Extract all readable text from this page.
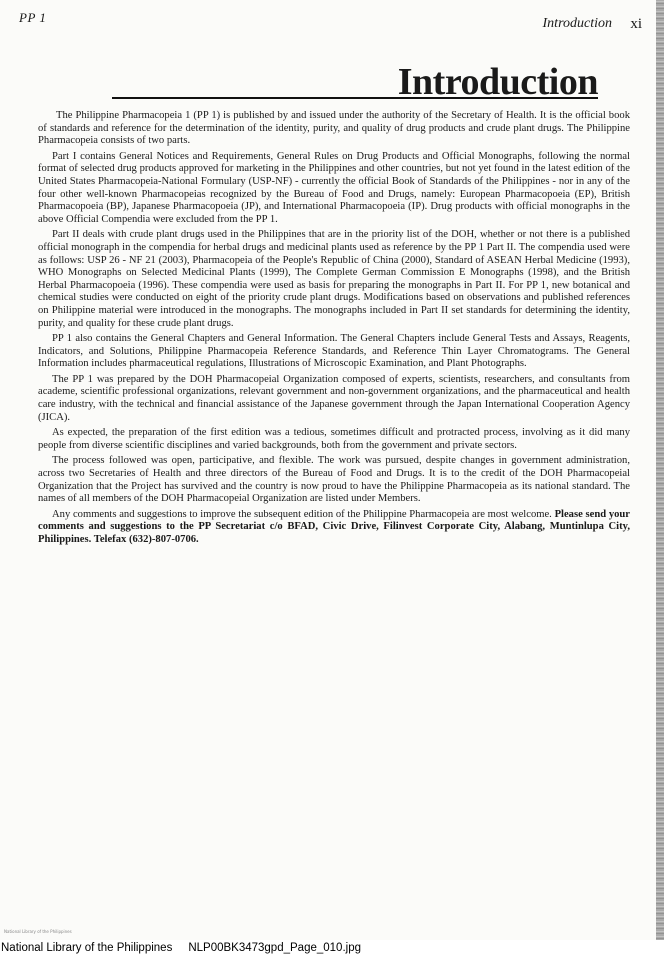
PP 1	Introduction xi
Introduction

The Philippine Pharmacopeia 1 (PP 1) is published by and issued under the authority of the Secretary of Health. It is the official book of standards and reference for the determination of the identity, purity, and quality of drug products and crude plant drugs. The Philippine Pharmacopeia consists of two parts.

Part I contains General Notices and Requirements, General Rules on Drug Products and Official Monographs, following the normal format of selected drug products approved for marketing in the Philippines and other countries, but not yet found in the latest edition of the United States Pharmacopeia-National Formulary (USP-NF) - currently the official Book of Standards of the Philippines - nor in any of the four other well-known Pharmacopeias recognized by the Bureau of Food and Drugs, namely: European Pharmacopoeia (EP), British Pharmacopoeia (BP), Japanese Pharmacopoeia (JP), and International Pharmacopoeia (IP). Drug products with official monographs in the above Official Compendia were excluded from the PP 1.

Part II deals with crude plant drugs used in the Philippines that are in the priority list of the DOH, whether or not there is a published official monograph in the compendia for herbal drugs and medicinal plants used as reference by the PP 1 Part II. The compendia used were as follows: USP 26 - NF 21 (2003), Pharmacopeia of the People's Republic of China (2000), Standard of ASEAN Herbal Medicine (1993), WHO Monographs on Selected Medicinal Plants (1999), The Complete German Commission E Monographs (1998), and the British Herbal Pharmacopoeia (1996). These compendia were used as basis for preparing the monographs in Part II. For PP 1, new botanical and chemical studies were conducted on eight of the priority crude plant drugs. Modifications based on observations and published references on Philippine material were introduced in the monographs. The monographs included in Part II set standards for determining the identity, purity, and quality for these crude plant drugs.

PP 1 also contains the General Chapters and General Information. The General Chapters include General Tests and Assays, Reagents, Indicators, and Solutions, Philippine Pharmacopeia Reference Standards, and Reference Thin Layer Chromatograms. The General Information includes pharmaceutical regulations, Illustrations of Microscopic Examination, and Plant Photographs.

The PP 1 was prepared by the DOH Pharmacopeial Organization composed of experts, scientists, researchers, and consultants from academe, scientific professional organizations, relevant government and non-government organizations, and the pharmaceutical and health care industry, with the technical and financial assistance of the Japanese government through the Japan International Cooperation Agency (JICA).

As expected, the preparation of the first edition was a tedious, sometimes difficult and protracted process, involving as it did many people from diverse scientific disciplines and varied backgrounds, both from the government and private sectors.

The process followed was open, participative, and flexible. The work was pursued, despite changes in government administration, across two Secretaries of Health and three directors of the Bureau of Food and Drugs. It is to the credit of the DOH Pharmacopeial Organization that the Project has survived and the country is now proud to have the Philippine Pharmacopeia as its national standard. The names of all members of the DOH Pharmacopeial Organization are listed under Members.

Any comments and suggestions to improve the subsequent edition of the Philippine Pharmacopeia are most welcome. Please send your comments and suggestions to the PP Secretariat c/o BFAD, Civic Drive, Filinvest Corporate City, Alabang, Muntinlupa City, Philippines. Telefax (632)-807-0706.

National Library of the Philippines
National Library of the Philippines NLP00BK3473gpd_Page_010.jpg
